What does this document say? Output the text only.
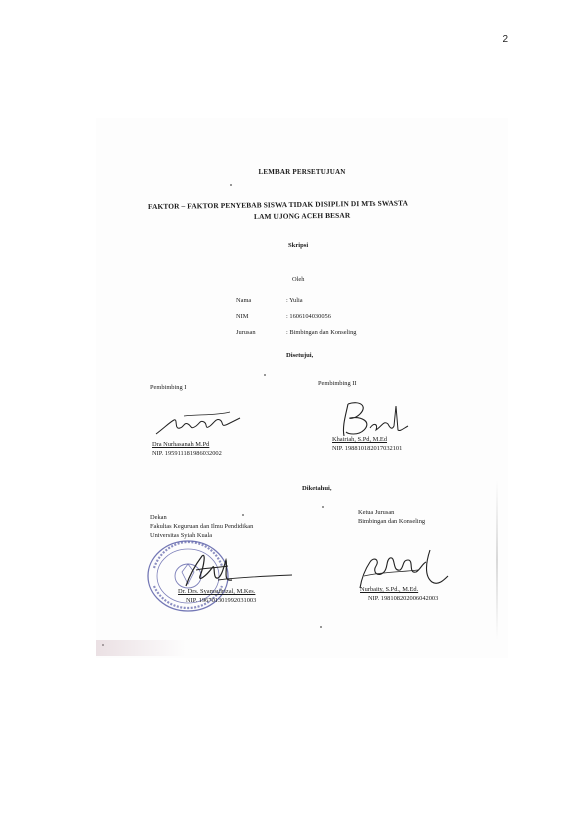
2
LEMBAR PERSETUJUAN
FAKTOR – FAKTOR PENYEBAB SISWA TIDAK DISIPLIN DI MTs SWASTA
LAM UJONG ACEH BESAR
Skripsi
Oleh
Nama	: Yulia
NIM	: 1606104030056
Jurusan	: Bimbingan dan Konseling
Disetujui,
Pembimbing I
Pembimbing II
Dra Nurhasanah M.Pd
NIP. 195911181986032002
Khairiah, S.Pd, M.Ed
NIP. 198810182017032101
Diketahui,
Dekan
Fakultas Keguruan dan Ilmu Pendidikan
Universitas Syiah Kuala
Ketua Jurusan
Bimbingan dan Konseling
Dr. Drs. Syamsulrizal, M.Kes.
NIP. 196701301992031003
Nurbaity, S.Pd., M.Ed.
NIP. 198108202006042003
